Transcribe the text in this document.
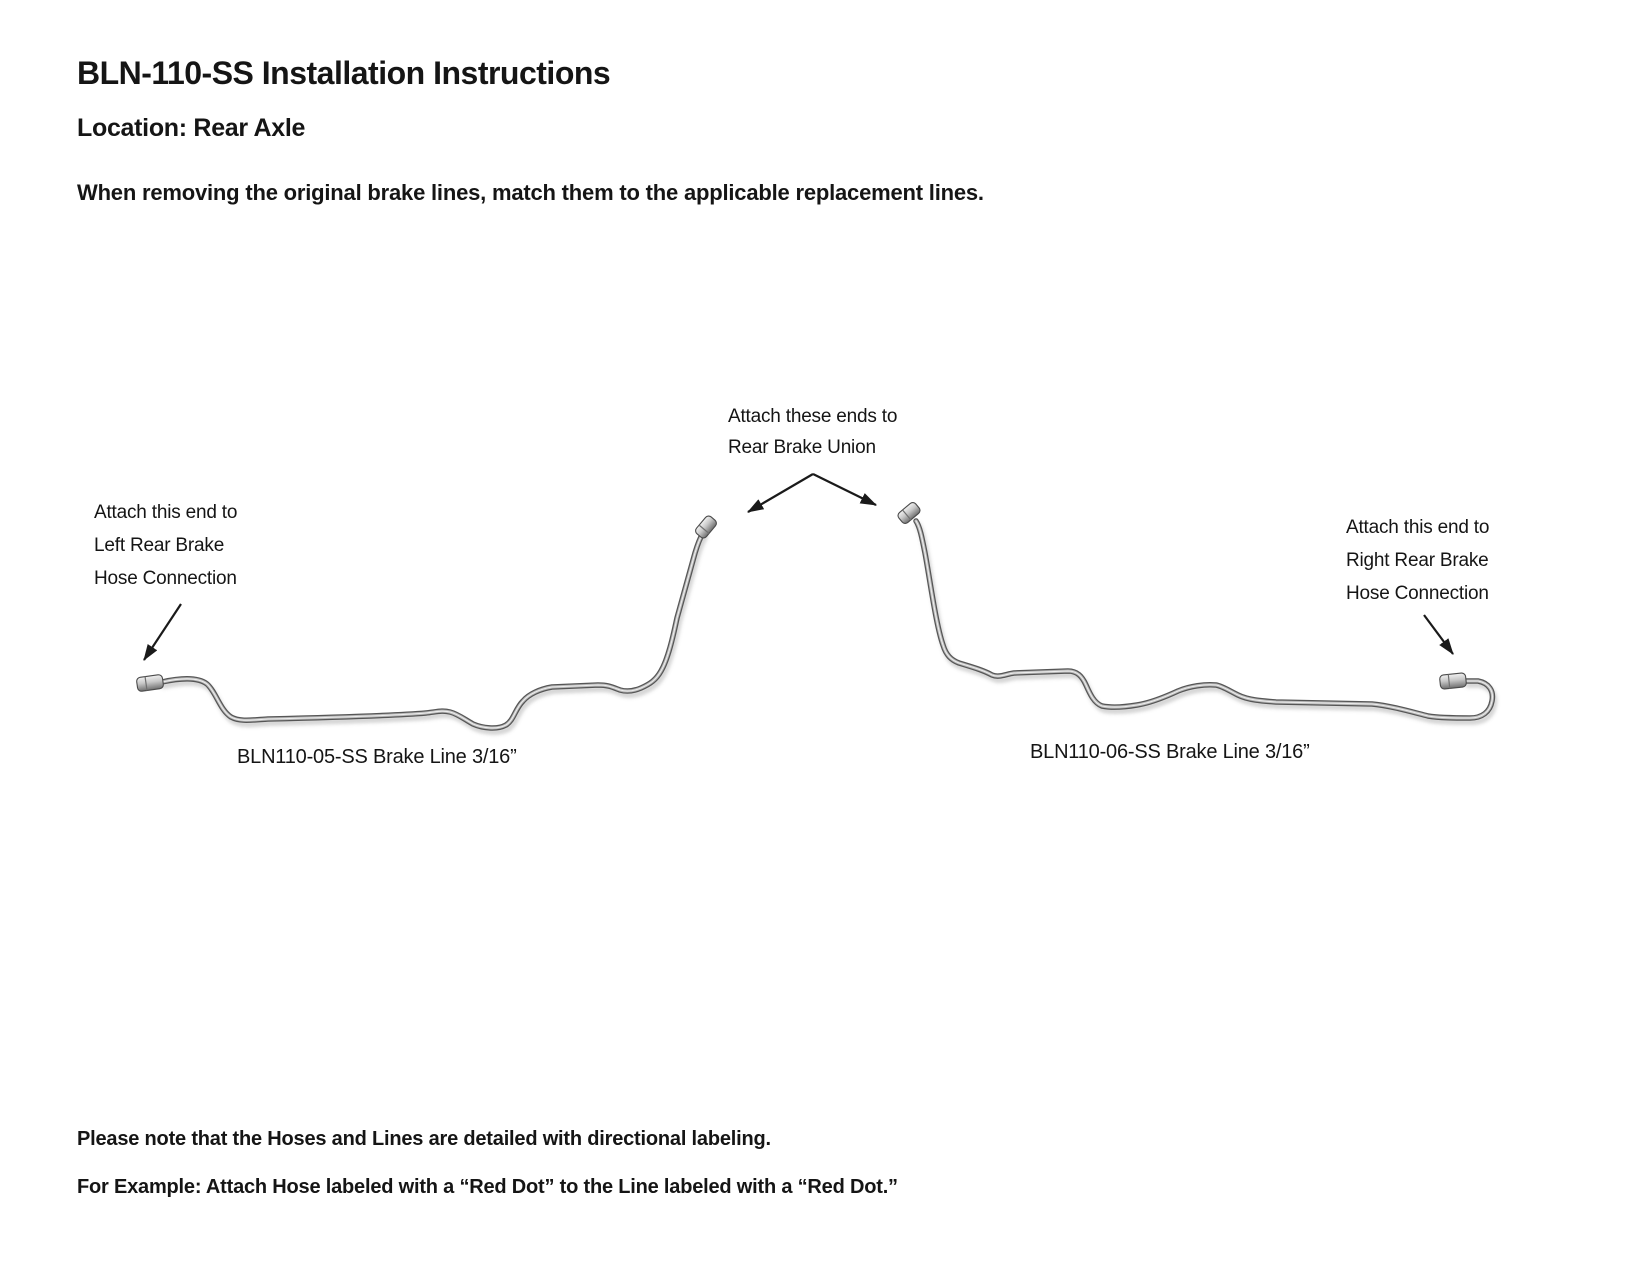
BLN-110-SS Installation Instructions
Location: Rear Axle
When removing the original brake lines, match them to the applicable replacement lines.
Attach these ends to
Rear Brake Union
Attach this end to
Left Rear Brake
Hose Connection
Attach this end to
Right Rear Brake
Hose Connection
BLN110-05-SS Brake Line 3/16”	BLN110-06-SS Brake Line 3/16”
Please note that the Hoses and Lines are detailed with directional labeling.
For Example: Attach Hose labeled with a “Red Dot” to the Line labeled with a “Red Dot.”
